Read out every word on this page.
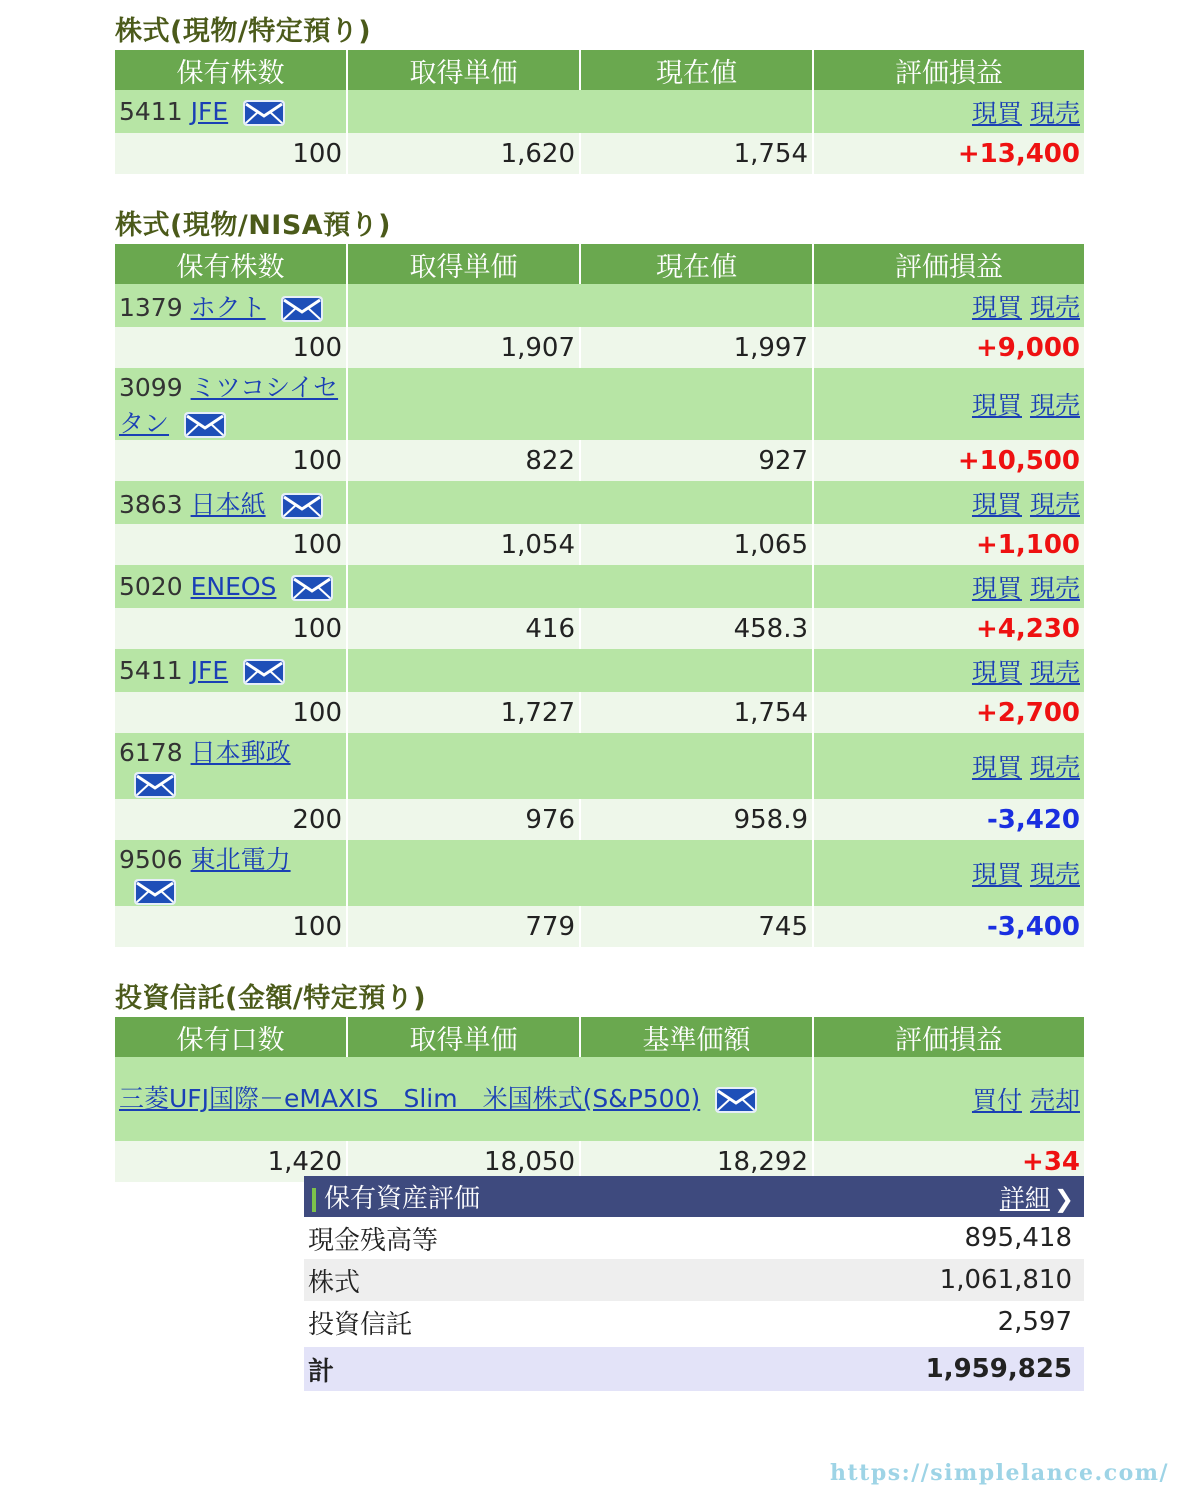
株式(現物/特定預り)
保有株数	取得単価	現在値	評価損益
5411 JFE			現買 現売
100	1,620	1,754	+13,400
株式(現物/NISA預り)
保有株数	取得単価	現在値	評価損益
1379 ホクト			現買 現売
100	1,907	1,997	+9,000
3099 ミツコシイセタン			現買 現売
100	822	927	+10,500
3863 日本紙			現買 現売
100	1,054	1,065	+1,100
5020 ENEOS			現買 現売
100	416	458.3	+4,230
5411 JFE			現買 現売
100	1,727	1,754	+2,700
6178 日本郵政			現買 現売
200	976	958.9	-3,420
9506 東北電力			現買 現売
100	779	745	-3,400
投資信託(金額/特定預り)
保有口数	取得単価	基準価額	評価損益

三菱UFJ国際－eMAXIS　Slim　米国株式(S&P500)			買付 売却
1,420	18,050	18,292	+34
保有資産評価	詳細 ❯
現金残高等	895,418
株式	1,061,810
投資信託	2,597
計	1,959,825
https://simplelance.com/
